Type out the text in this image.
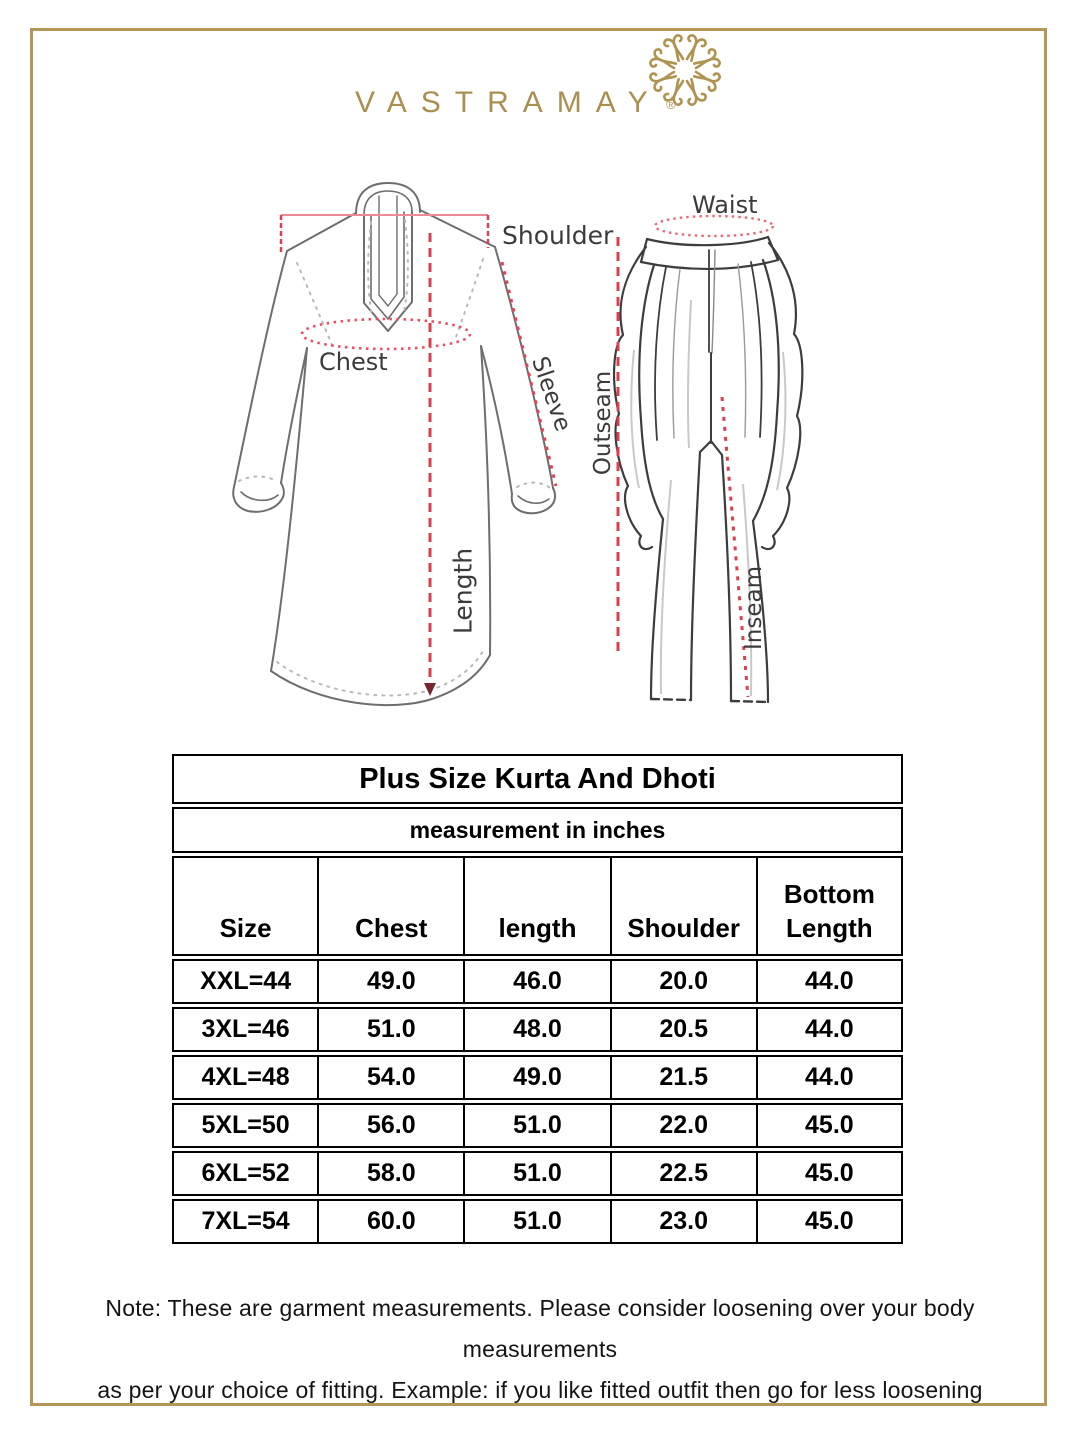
VASTRAMAY ®
Shoulder
Chest	Sleeve
Length
Waist
Outseam
Inseam
Plus Size Kurta And Dhoti				
measurement in inches				
Size	Chest	length	Shoulder	Bottom Length
XXL=44	49.0	46.0	20.0	44.0
3XL=46	51.0	48.0	20.5	44.0
4XL=48	54.0	49.0	21.5	44.0
5XL=50	56.0	51.0	22.0	45.0
6XL=52	58.0	51.0	22.5	45.0
7XL=54	60.0	51.0	23.0	45.0
Note: These are garment measurements. Please consider loosening over your body measurements
as per your choice of fitting. Example: if you like fitted outfit then go for less loosening
